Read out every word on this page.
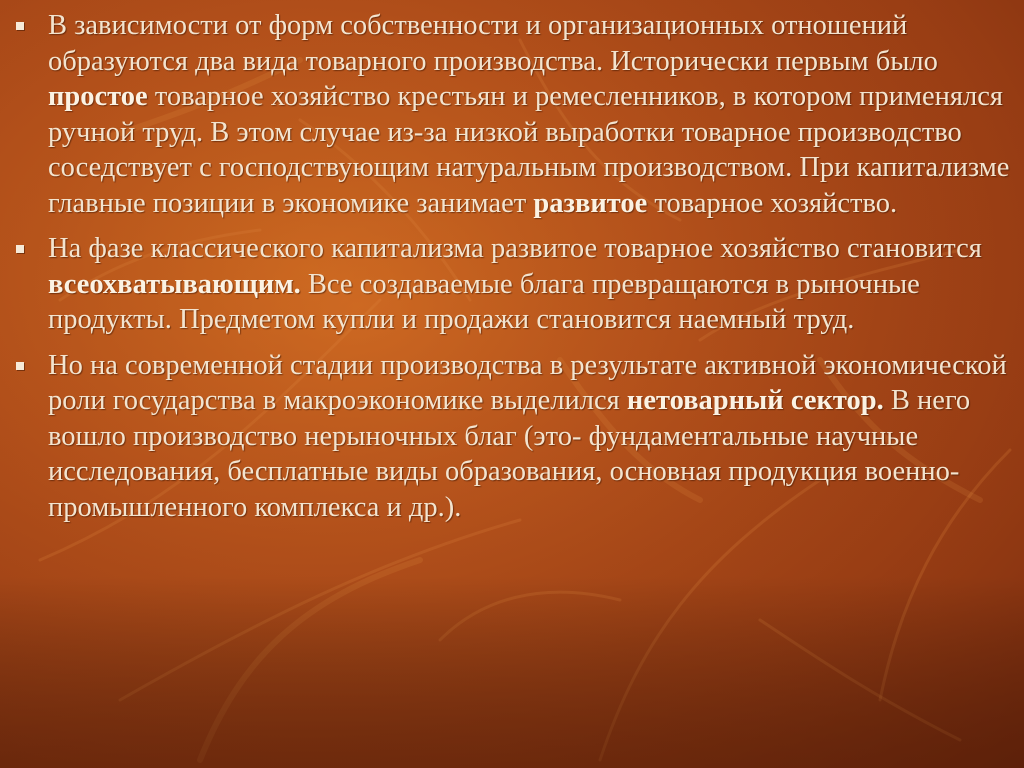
В зависимости от форм собственности и организационных отношений образуются два вида товарного производства. Исторически первым было простое товарное хозяйство крестьян и ремесленников, в котором применялся ручной труд. В этом случае из-за низкой выработки товарное производство соседствует с господствующим натуральным производством. При капитализме главные позиции в экономике занимает развитое товарное хозяйство.
На фазе классического капитализма развитое товарное хозяйство становится всеохватывающим. Все создаваемые блага превращаются в рыночные продукты. Предметом купли и продажи становится наемный труд.
Но на современной стадии производства в результате активной экономической роли государства в макроэкономике выделился нетоварный сектор. В него вошло производство нерыночных благ (это- фундаментальные научные исследования, бесплатные виды образования, основная продукция военно-промышленного комплекса и др.).
